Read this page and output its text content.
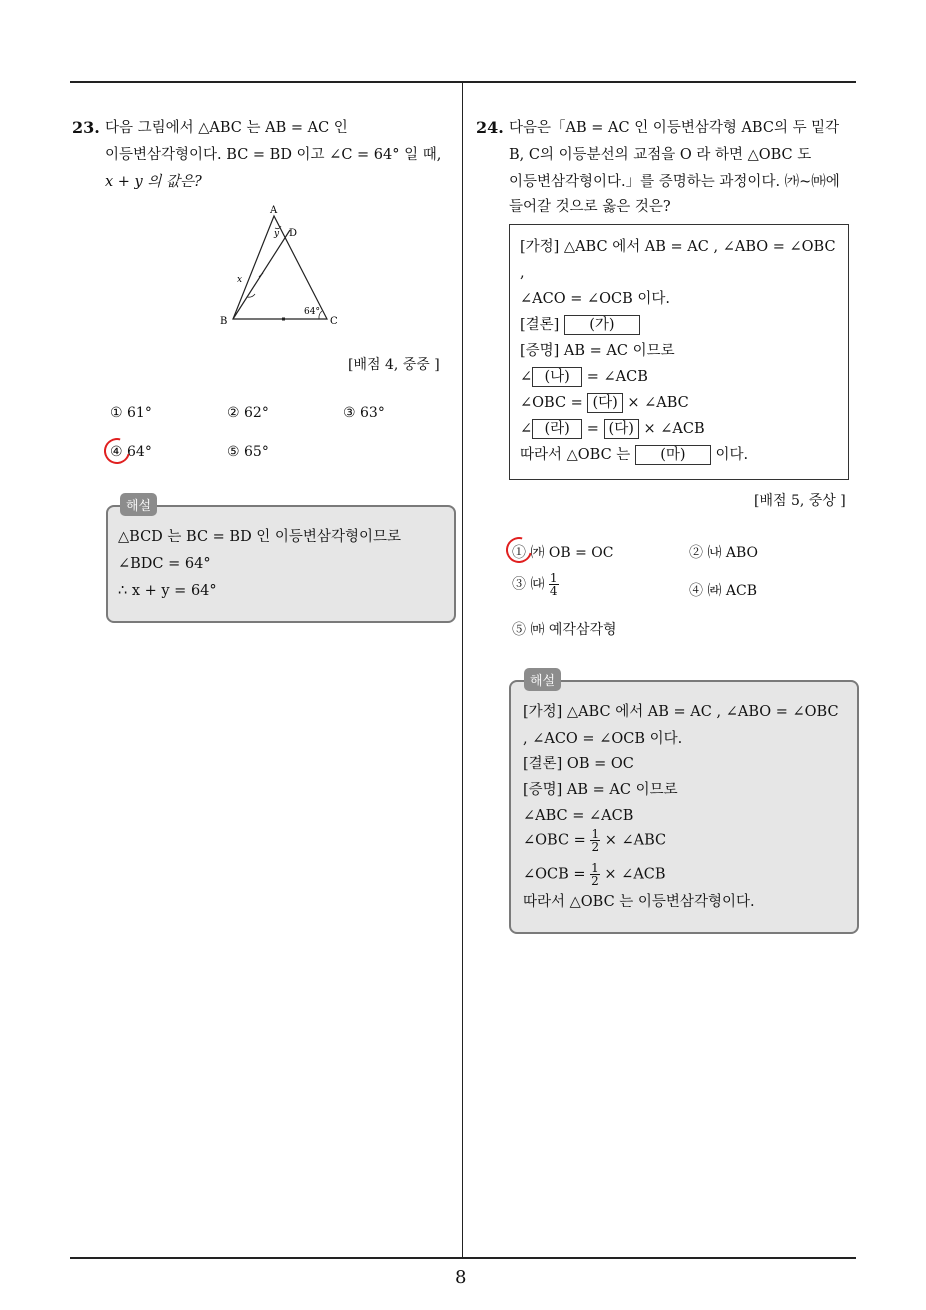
8
23. 다음 그림에서 △ABC 는 AB = AC 인
이등변삼각형이다. BC = BD 이고 ∠C = 64° 일 때,
x + y 의 값은?
A
D
y
x
B	C
64°
[배점 4, 중중 ]
① 61°	② 62°	③ 63°
④ 64°	⑤ 65°
△BCD 는 BC = BD 인 이등변삼각형이므로
∠BDC = 64°
∴ x + y = 64°
해설
24. 다음은「AB = AC 인 이등변삼각형 ABC의 두 밑각
B, C의 이등분선의 교점을 O 라 하면 △OBC 도
이등변삼각형이다.」를 증명하는 과정이다. ㈎~㈒에
들어갈 것으로 옳은 것은?
[가정] △ABC 에서 AB = AC , ∠ABO = ∠OBC
,
∠ACO = ∠OCB 이다.
[결론] (가)
[증명] AB = AC 이므로
∠ (나) = ∠ACB
∠OBC = (다) × ∠ABC
∠ (라) = (다) × ∠ACB
따라서 △OBC 는 (마) 이다.
[배점 5, 중상 ]
① ㈎ OB = OC	② ㈏ ABO
③ ㈐ $\frac{1}{4}$	④ ㈑ ACB
⑤ ㈒ 예각삼각형
[가정] △ABC 에서 AB = AC , ∠ABO = ∠OBC
, ∠ACO = ∠OCB 이다.
[결론] OB = OC
[증명] AB = AC 이므로
∠ABC = ∠ACB
∠OBC = $\frac{1}{2}$ × ∠ABC
∠OCB = $\frac{1}{2}$ × ∠ACB
따라서 △OBC 는 이등변삼각형이다.
해설
